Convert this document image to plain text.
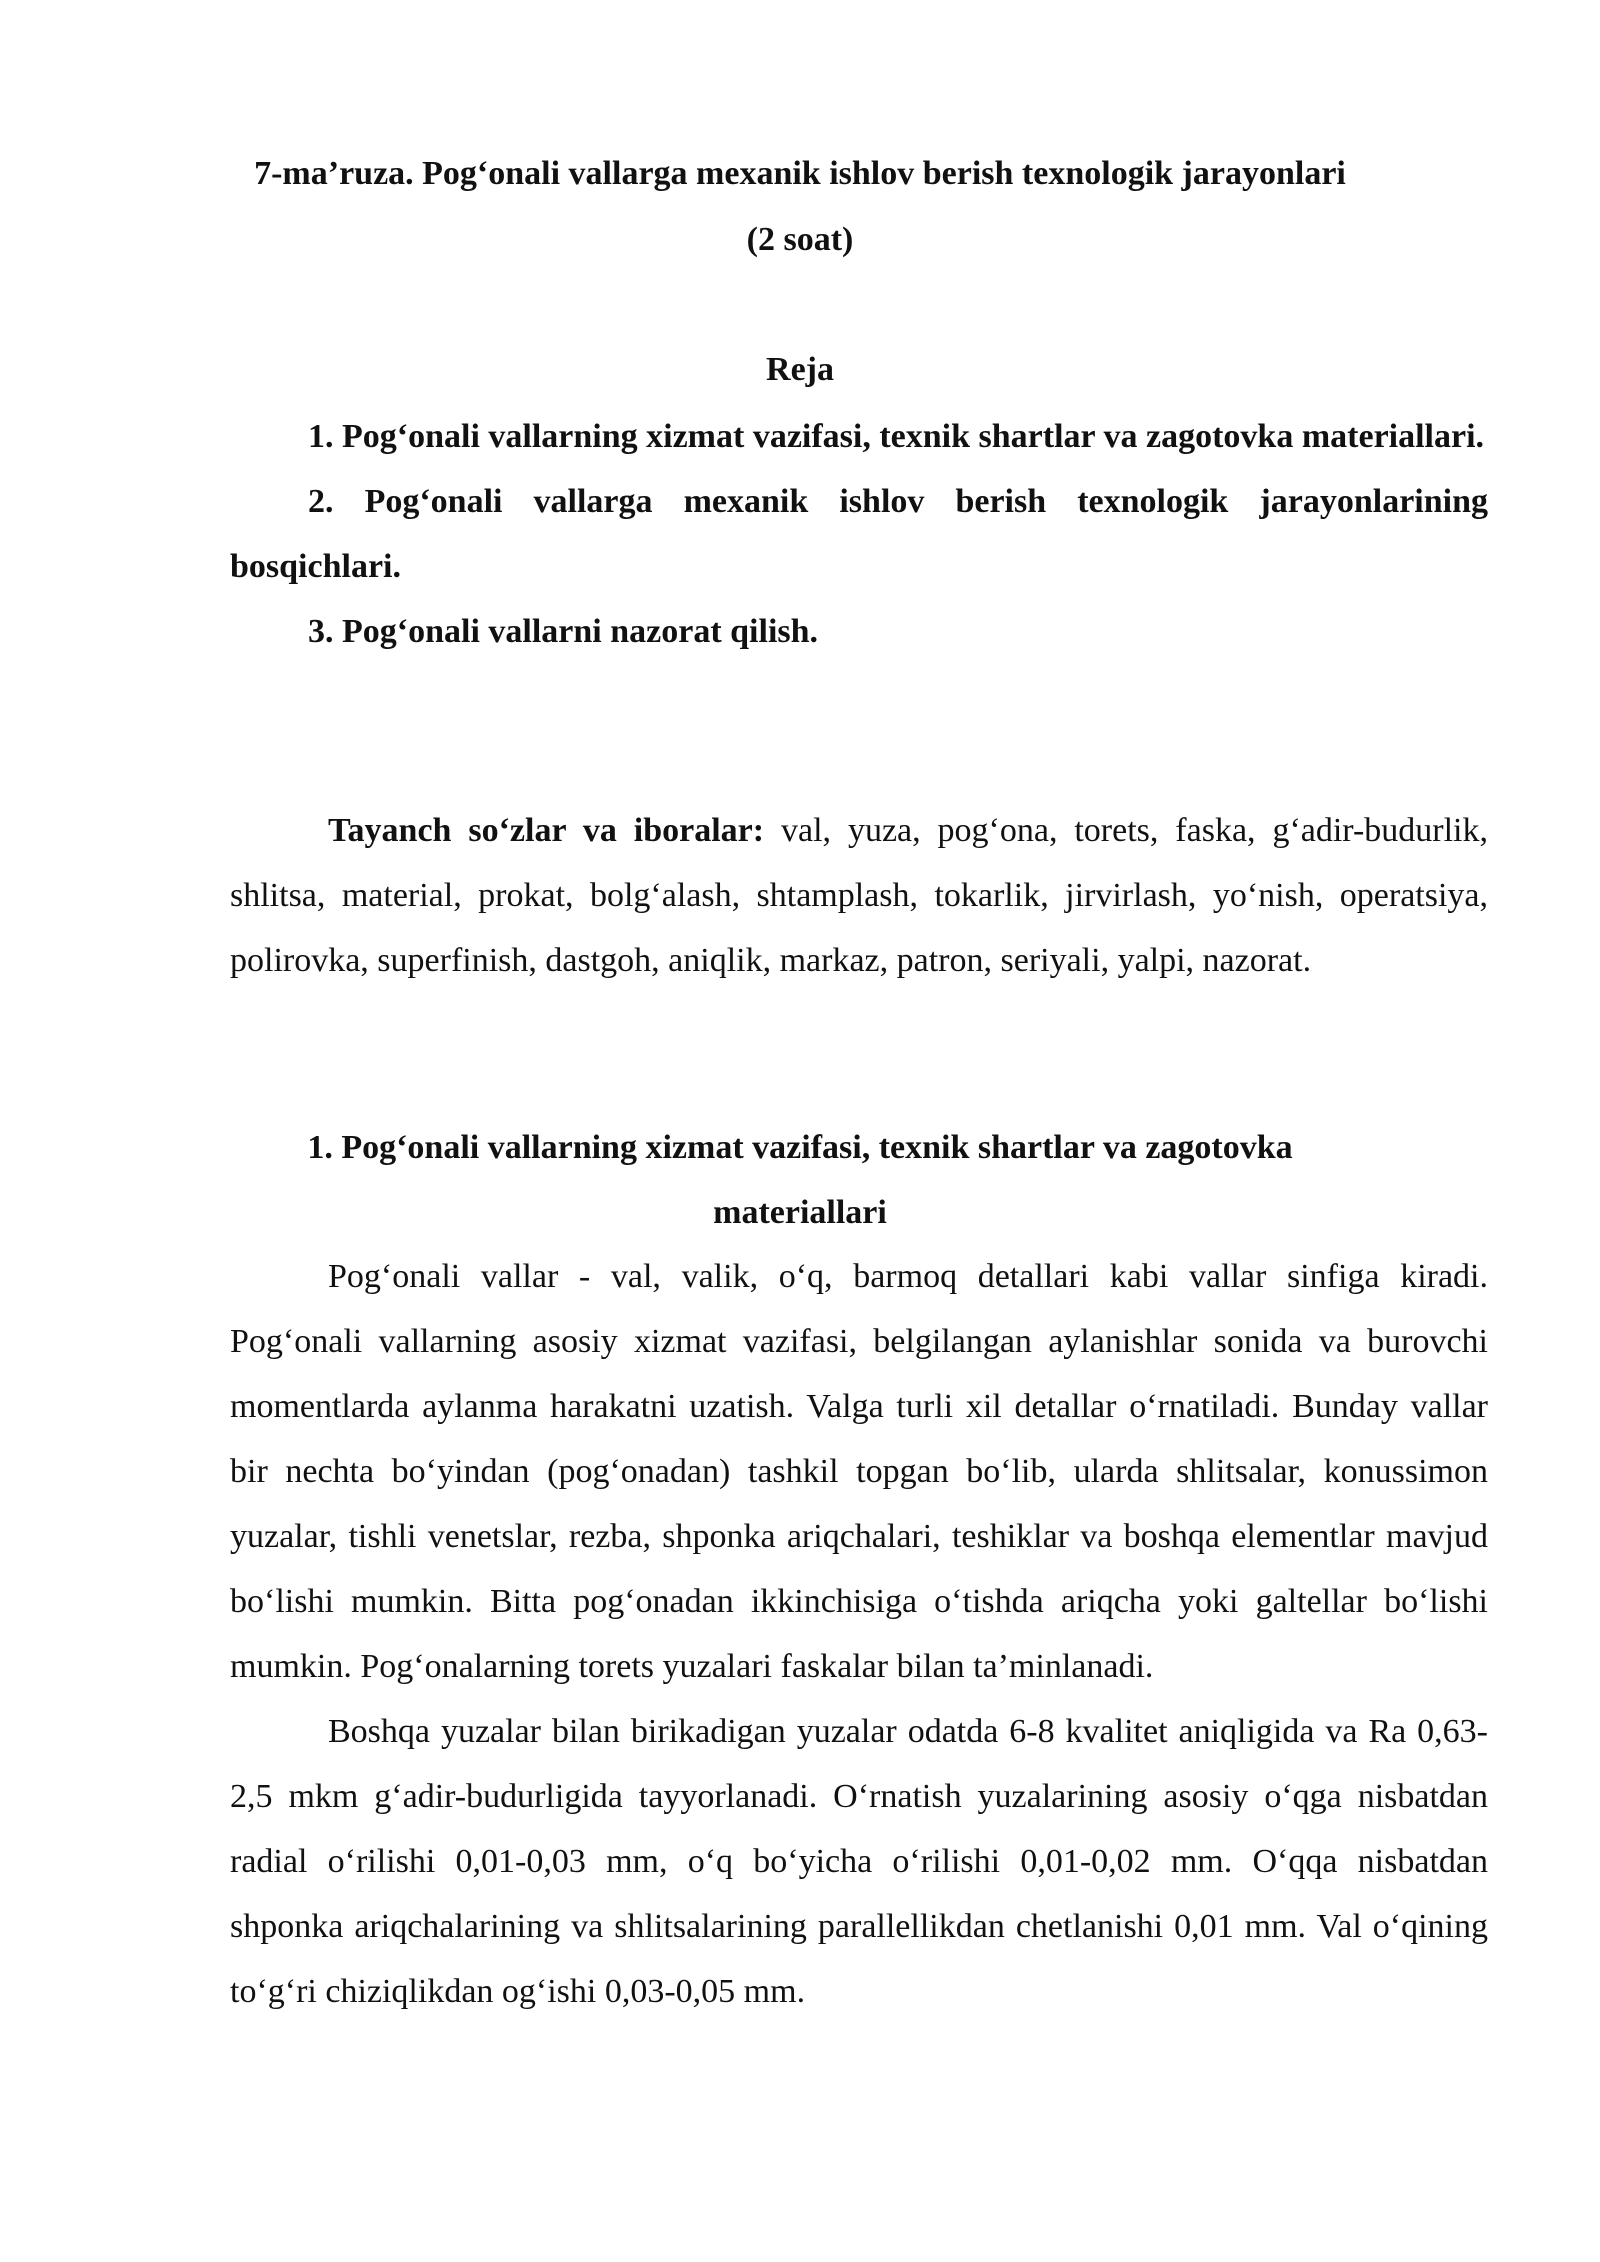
7-ma’ruza. Pog‘onali vallarga mexanik ishlov berish texnologik jarayonlari
(2 soat)
Reja

1. Pog‘onali vallarning xizmat vazifasi, texnik shartlar va zagotovka materiallari.

2. Pog‘onali vallarga mexanik ishlov berish texnologik jarayonlarining bosqichlari.

3. Pog‘onali vallarni nazorat qilish.

Tayanch so‘zlar va iboralar: val, yuza, pog‘ona, torets, faska, g‘adir-budurlik, shlitsa, material, prokat, bolg‘alash, shtamplash, tokarlik, jirvirlash, yo‘nish, operatsiya, polirovka, superfinish, dastgoh, aniqlik, markaz, patron, seriyali, yalpi, nazorat.

1. Pog‘onali vallarning xizmat vazifasi, texnik shartlar va zagotovka
materiallari

Pog‘onali vallar - val, valik, o‘q, barmoq detallari kabi vallar sinfiga kiradi. Pog‘onali vallarning asosiy xizmat vazifasi, belgilangan aylanishlar sonida va burovchi momentlarda aylanma harakatni uzatish. Valga turli xil detallar o‘rnatiladi. Bunday vallar bir nechta bo‘yindan (pog‘onadan) tashkil topgan bo‘lib, ularda shlitsalar, konussimon yuzalar, tishli venetslar, rezba, shponka ariqchalari, teshiklar va boshqa elementlar mavjud bo‘lishi mumkin. Bitta pog‘onadan ikkinchisiga o‘tishda ariqcha yoki galtellar bo‘lishi mumkin. Pog‘onalarning torets yuzalari faskalar bilan ta’minlanadi.

Boshqa yuzalar bilan birikadigan yuzalar odatda 6-8 kvalitet aniqligida va Ra 0,63-2,5 mkm g‘adir-budurligida tayyorlanadi. O‘rnatish yuzalarining asosiy o‘qga nisbatdan radial o‘rilishi 0,01-0,03 mm, o‘q bo‘yicha o‘rilishi 0,01-0,02 mm. O‘qqa nisbatdan shponka ariqchalarining va shlitsalarining parallellikdan chetlanishi 0,01 mm. Val o‘qining to‘g‘ri chiziqlikdan og‘ishi 0,03-0,05 mm.
